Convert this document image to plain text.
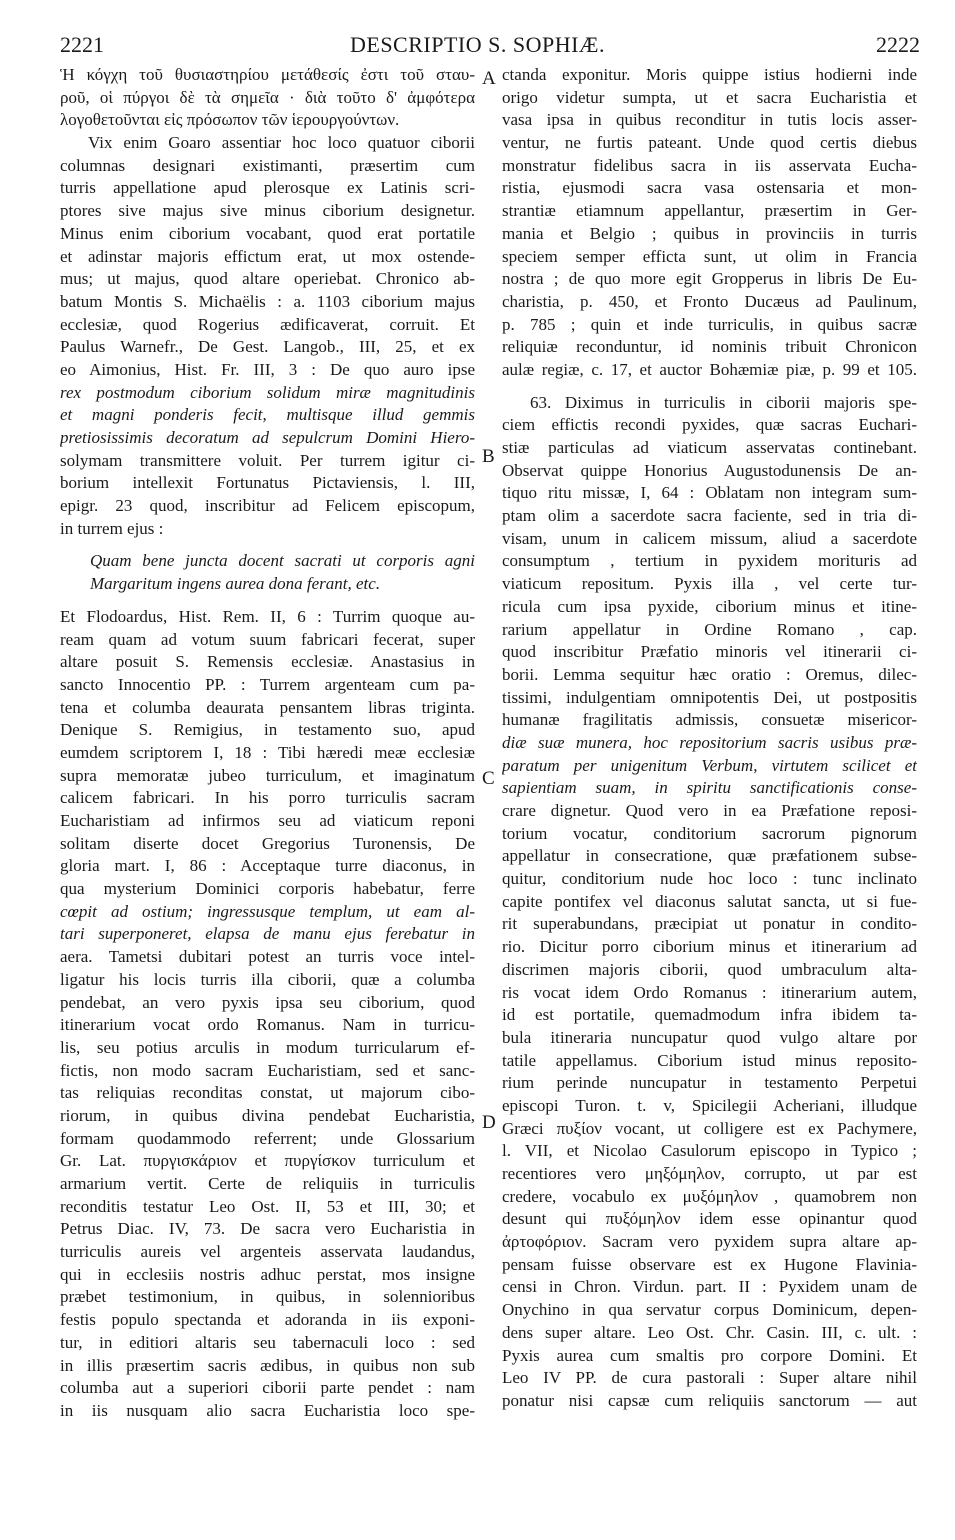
2221	DESCRIPTIO S. SOPHIÆ.	2222
A
B
C
D
Ἡ κόγχη τοῦ θυσιαστηρίου μετάθεσίς ἐστι τοῦ σταυ-
ροῦ, οἱ πύργοι δὲ τὰ σημεῖα · διὰ τοῦτο δ' ἀμφότερα
λογοθετοῦνται εἰς πρόσωπον τῶν ἱερουργούντων.
Vix enim Goaro assentiar hoc loco quatuor ciborii
columnas designari existimanti, præsertim cum
turris appellatione apud plerosque ex Latinis scri-
ptores sive majus sive minus ciborium designetur.
Minus enim ciborium vocabant, quod erat portatile
et adinstar majoris effictum erat, ut mox ostende-
mus; ut majus, quod altare operiebat. Chronico ab-
batum Montis S. Michaëlis : a. 1103 ciborium majus
ecclesiæ, quod Rogerius ædificaverat, corruit. Et
Paulus Warnefr., De Gest. Langob., III, 25, et ex
eo Aimonius, Hist. Fr. III, 3 : De quo auro ipse
rex postmodum ciborium solidum miræ magnitudinis
et magni ponderis fecit, multisque illud gemmis
pretiosissimis decoratum ad sepulcrum Domini Hiero-
solymam transmittere voluit. Per turrem igitur ci-
borium intellexit Fortunatus Pictaviensis, l. III,
epigr. 23 quod, inscribitur ad Felicem episcopum,
in turrem ejus :
Quam bene juncta docent sacrati ut corporis agni
Margaritum ingens aurea dona ferant, etc.
Et Flodoardus, Hist. Rem. II, 6 : Turrim quoque au-
ream quam ad votum suum fabricari fecerat, super
altare posuit S. Remensis ecclesiæ. Anastasius in
sancto Innocentio PP. : Turrem argenteam cum pa-
tena et columba deaurata pensantem libras triginta.
Denique S. Remigius, in testamento suo, apud
eumdem scriptorem I, 18 : Tibi hæredi meæ ecclesiæ
supra memoratæ jubeo turriculum, et imaginatum
calicem fabricari. In his porro turriculis sacram
Eucharistiam ad infirmos seu ad viaticum reponi
solitam diserte docet Gregorius Turonensis, De
gloria mart. I, 86 : Acceptaque turre diaconus, in
qua mysterium Dominici corporis habebatur, ferre
cœpit ad ostium; ingressusque templum, ut eam al-
tari superponeret, elapsa de manu ejus ferebatur in
aera. Tametsi dubitari potest an turris voce intel-
ligatur his locis turris illa ciborii, quæ a columba
pendebat, an vero pyxis ipsa seu ciborium, quod
itinerarium vocat ordo Romanus. Nam in turricu-
lis, seu potius arculis in modum turricularum ef-
fictis, non modo sacram Eucharistiam, sed et sanc-
tas reliquias reconditas constat, ut majorum cibo-
riorum, in quibus divina pendebat Eucharistia,
formam quodammodo referrent; unde Glossarium
Gr. Lat. πυργισκάριον et πυργίσκον turriculum et
armarium vertit. Certe de reliquiis in turriculis
reconditis testatur Leo Ost. II, 53 et III, 30; et
Petrus Diac. IV, 73. De sacra vero Eucharistia in
turriculis aureis vel argenteis asservata laudandus,
qui in ecclesiis nostris adhuc perstat, mos insigne
præbet testimonium, in quibus, in solennioribus
festis populo spectanda et adoranda in iis exponi-
tur, in editiori altaris seu tabernaculi loco : sed
in illis præsertim sacris ædibus, in quibus non sub
columba aut a superiori ciborii parte pendet : nam
in iis nusquam alio sacra Eucharistia loco spe-
ctanda exponitur. Moris quippe istius hodierni inde
origo videtur sumpta, ut et sacra Eucharistia et
vasa ipsa in quibus reconditur in tutis locis asser-
ventur, ne furtis pateant. Unde quod certis diebus
monstratur fidelibus sacra in iis asservata Eucha-
ristia, ejusmodi sacra vasa ostensaria et mon-
strantiæ etiamnum appellantur, præsertim in Ger-
mania et Belgio ; quibus in provinciis in turris
speciem semper efficta sunt, ut olim in Francia
nostra ; de quo more egit Gropperus in libris De Eu-
charistia, p. 450, et Fronto Ducæus ad Paulinum,
p. 785 ; quin et inde turriculis, in quibus sacræ
reliquiæ reconduntur, id nominis tribuit Chronicon
aulæ regiæ, c. 17, et auctor Bohæmiæ piæ, p. 99 et 105.
63. Diximus in turriculis in ciborii majoris spe-
ciem effictis recondi pyxides, quæ sacras Euchari-
stiæ particulas ad viaticum asservatas continebant.
Observat quippe Honorius Augustodunensis De an-
tiquo ritu missæ, I, 64 : Oblatam non integram sum-
ptam olim a sacerdote sacra faciente, sed in tria di-
visam, unum in calicem missum, aliud a sacerdote
consumptum , tertium in pyxidem morituris ad
viaticum repositum. Pyxis illa , vel certe tur-
ricula cum ipsa pyxide, ciborium minus et itine-
rarium appellatur in Ordine Romano , cap.
quod inscribitur Præfatio minoris vel itinerarii ci-
borii. Lemma sequitur hæc oratio : Oremus, dilec-
tissimi, indulgentiam omnipotentis Dei, ut postpositis
humanæ fragilitatis admissis, consuetæ misericor-
diæ suæ munera, hoc repositorium sacris usibus præ-
paratum per unigenitum Verbum, virtutem scilicet et
sapientiam suam, in spiritu sanctificationis conse-
crare dignetur. Quod vero in ea Præfatione reposi-
torium vocatur, conditorium sacrorum pignorum
appellatur in consecratione, quæ præfationem subse-
quitur, conditorium nude hoc loco : tunc inclinato
capite pontifex vel diaconus salutat sancta, ut si fue-
rit superabundans, præcipiat ut ponatur in condito-
rio. Dicitur porro ciborium minus et itinerarium ad
discrimen majoris ciborii, quod umbraculum alta-
ris vocat idem Ordo Romanus : itinerarium autem,
id est portatile, quemadmodum infra ibidem ta-
bula itineraria nuncupatur quod vulgo altare por
tatile appellamus. Ciborium istud minus reposito-
rium perinde nuncupatur in testamento Perpetui
episcopi Turon. t. v, Spicilegii Acheriani, illudque
Græci πυξίον vocant, ut colligere est ex Pachymere,
l. VII, et Nicolao Casulorum episcopo in Typico ;
recentiores vero μηξόμηλον, corrupto, ut par est
credere, vocabulo ex μυξόμηλον , quamobrem non
desunt qui πυξόμηλον idem esse opinantur quod
ἀρτοφόριον. Sacram vero pyxidem supra altare ap-
pensam fuisse observare est ex Hugone Flavinia-
censi in Chron. Virdun. part. II : Pyxidem unam de
Onychino in qua servatur corpus Dominicum, depen-
dens super altare. Leo Ost. Chr. Casin. III, c. ult. :
Pyxis aurea cum smaltis pro corpore Domini. Et
Leo IV PP. de cura pastorali : Super altare nihil
ponatur nisi capsæ cum reliquiis sanctorum — aut
